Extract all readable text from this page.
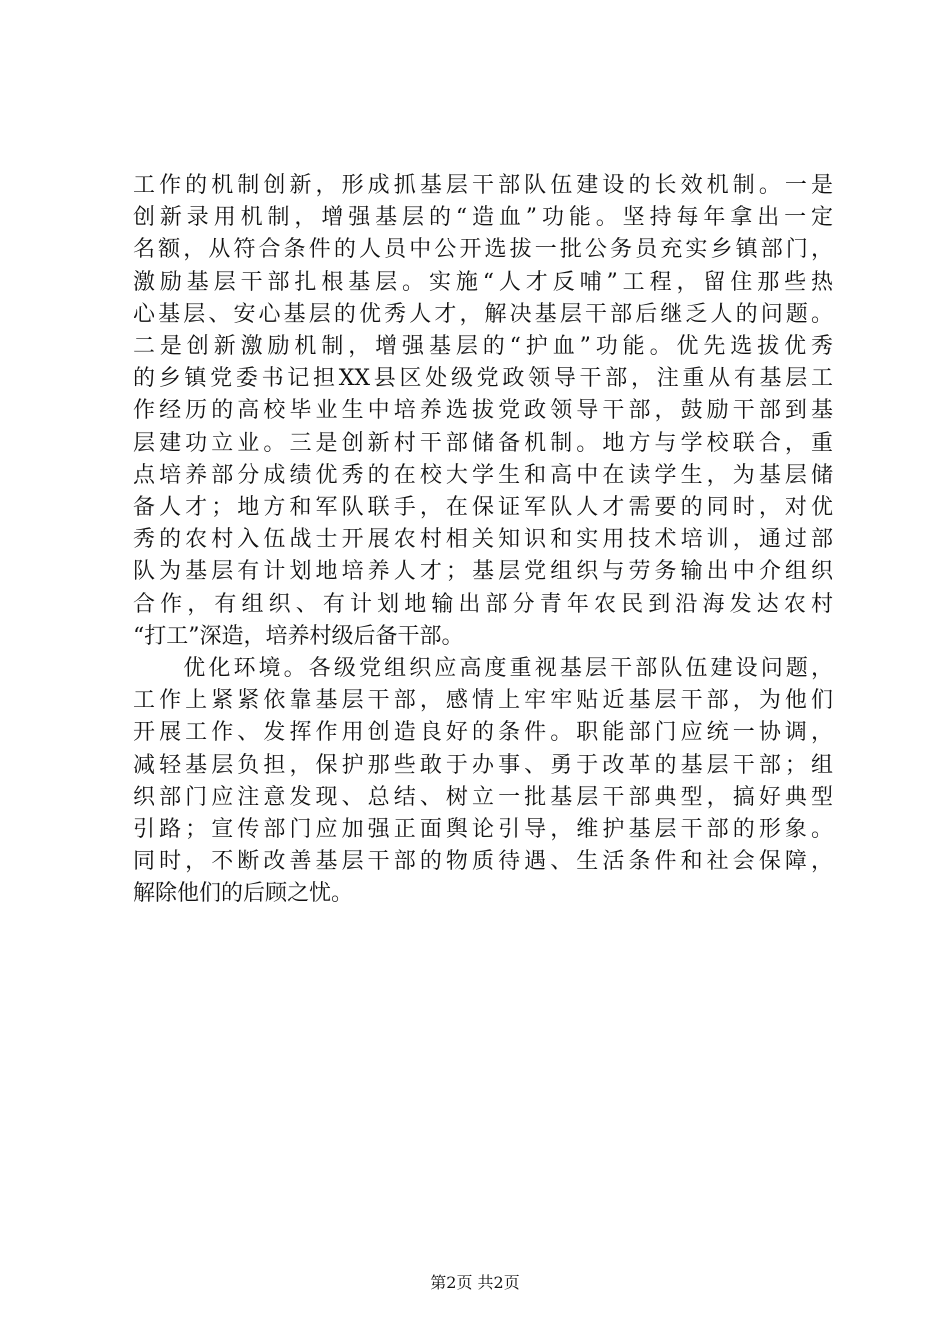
工作的机制创新，形成抓基层干部队伍建设的长效机制。一是
创新录用机制，增强基层的“造血”功能。坚持每年拿出一定
名额，从符合条件的人员中公开选拔一批公务员充实乡镇部门，
激励基层干部扎根基层。实施“人才反哺”工程，留住那些热
心基层、安心基层的优秀人才，解决基层干部后继乏人的问题。
二是创新激励机制，增强基层的“护血”功能。优先选拔优秀
的乡镇党委书记担XX县区处级党政领导干部，注重从有基层工
作经历的高校毕业生中培养选拔党政领导干部，鼓励干部到基
层建功立业。三是创新村干部储备机制。地方与学校联合，重
点培养部分成绩优秀的在校大学生和高中在读学生，为基层储
备人才；地方和军队联手，在保证军队人才需要的同时，对优
秀的农村入伍战士开展农村相关知识和实用技术培训，通过部
队为基层有计划地培养人才；基层党组织与劳务输出中介组织
合作，有组织、有计划地输出部分青年农民到沿海发达农村
“打工”深造，培养村级后备干部。
　　优化环境。各级党组织应高度重视基层干部队伍建设问题，
工作上紧紧依靠基层干部，感情上牢牢贴近基层干部，为他们
开展工作、发挥作用创造良好的条件。职能部门应统一协调，
减轻基层负担，保护那些敢于办事、勇于改革的基层干部；组
织部门应注意发现、总结、树立一批基层干部典型，搞好典型
引路；宣传部门应加强正面舆论引导，维护基层干部的形象。
同时，不断改善基层干部的物质待遇、生活条件和社会保障，
解除他们的后顾之忧。
第2页 共2页
